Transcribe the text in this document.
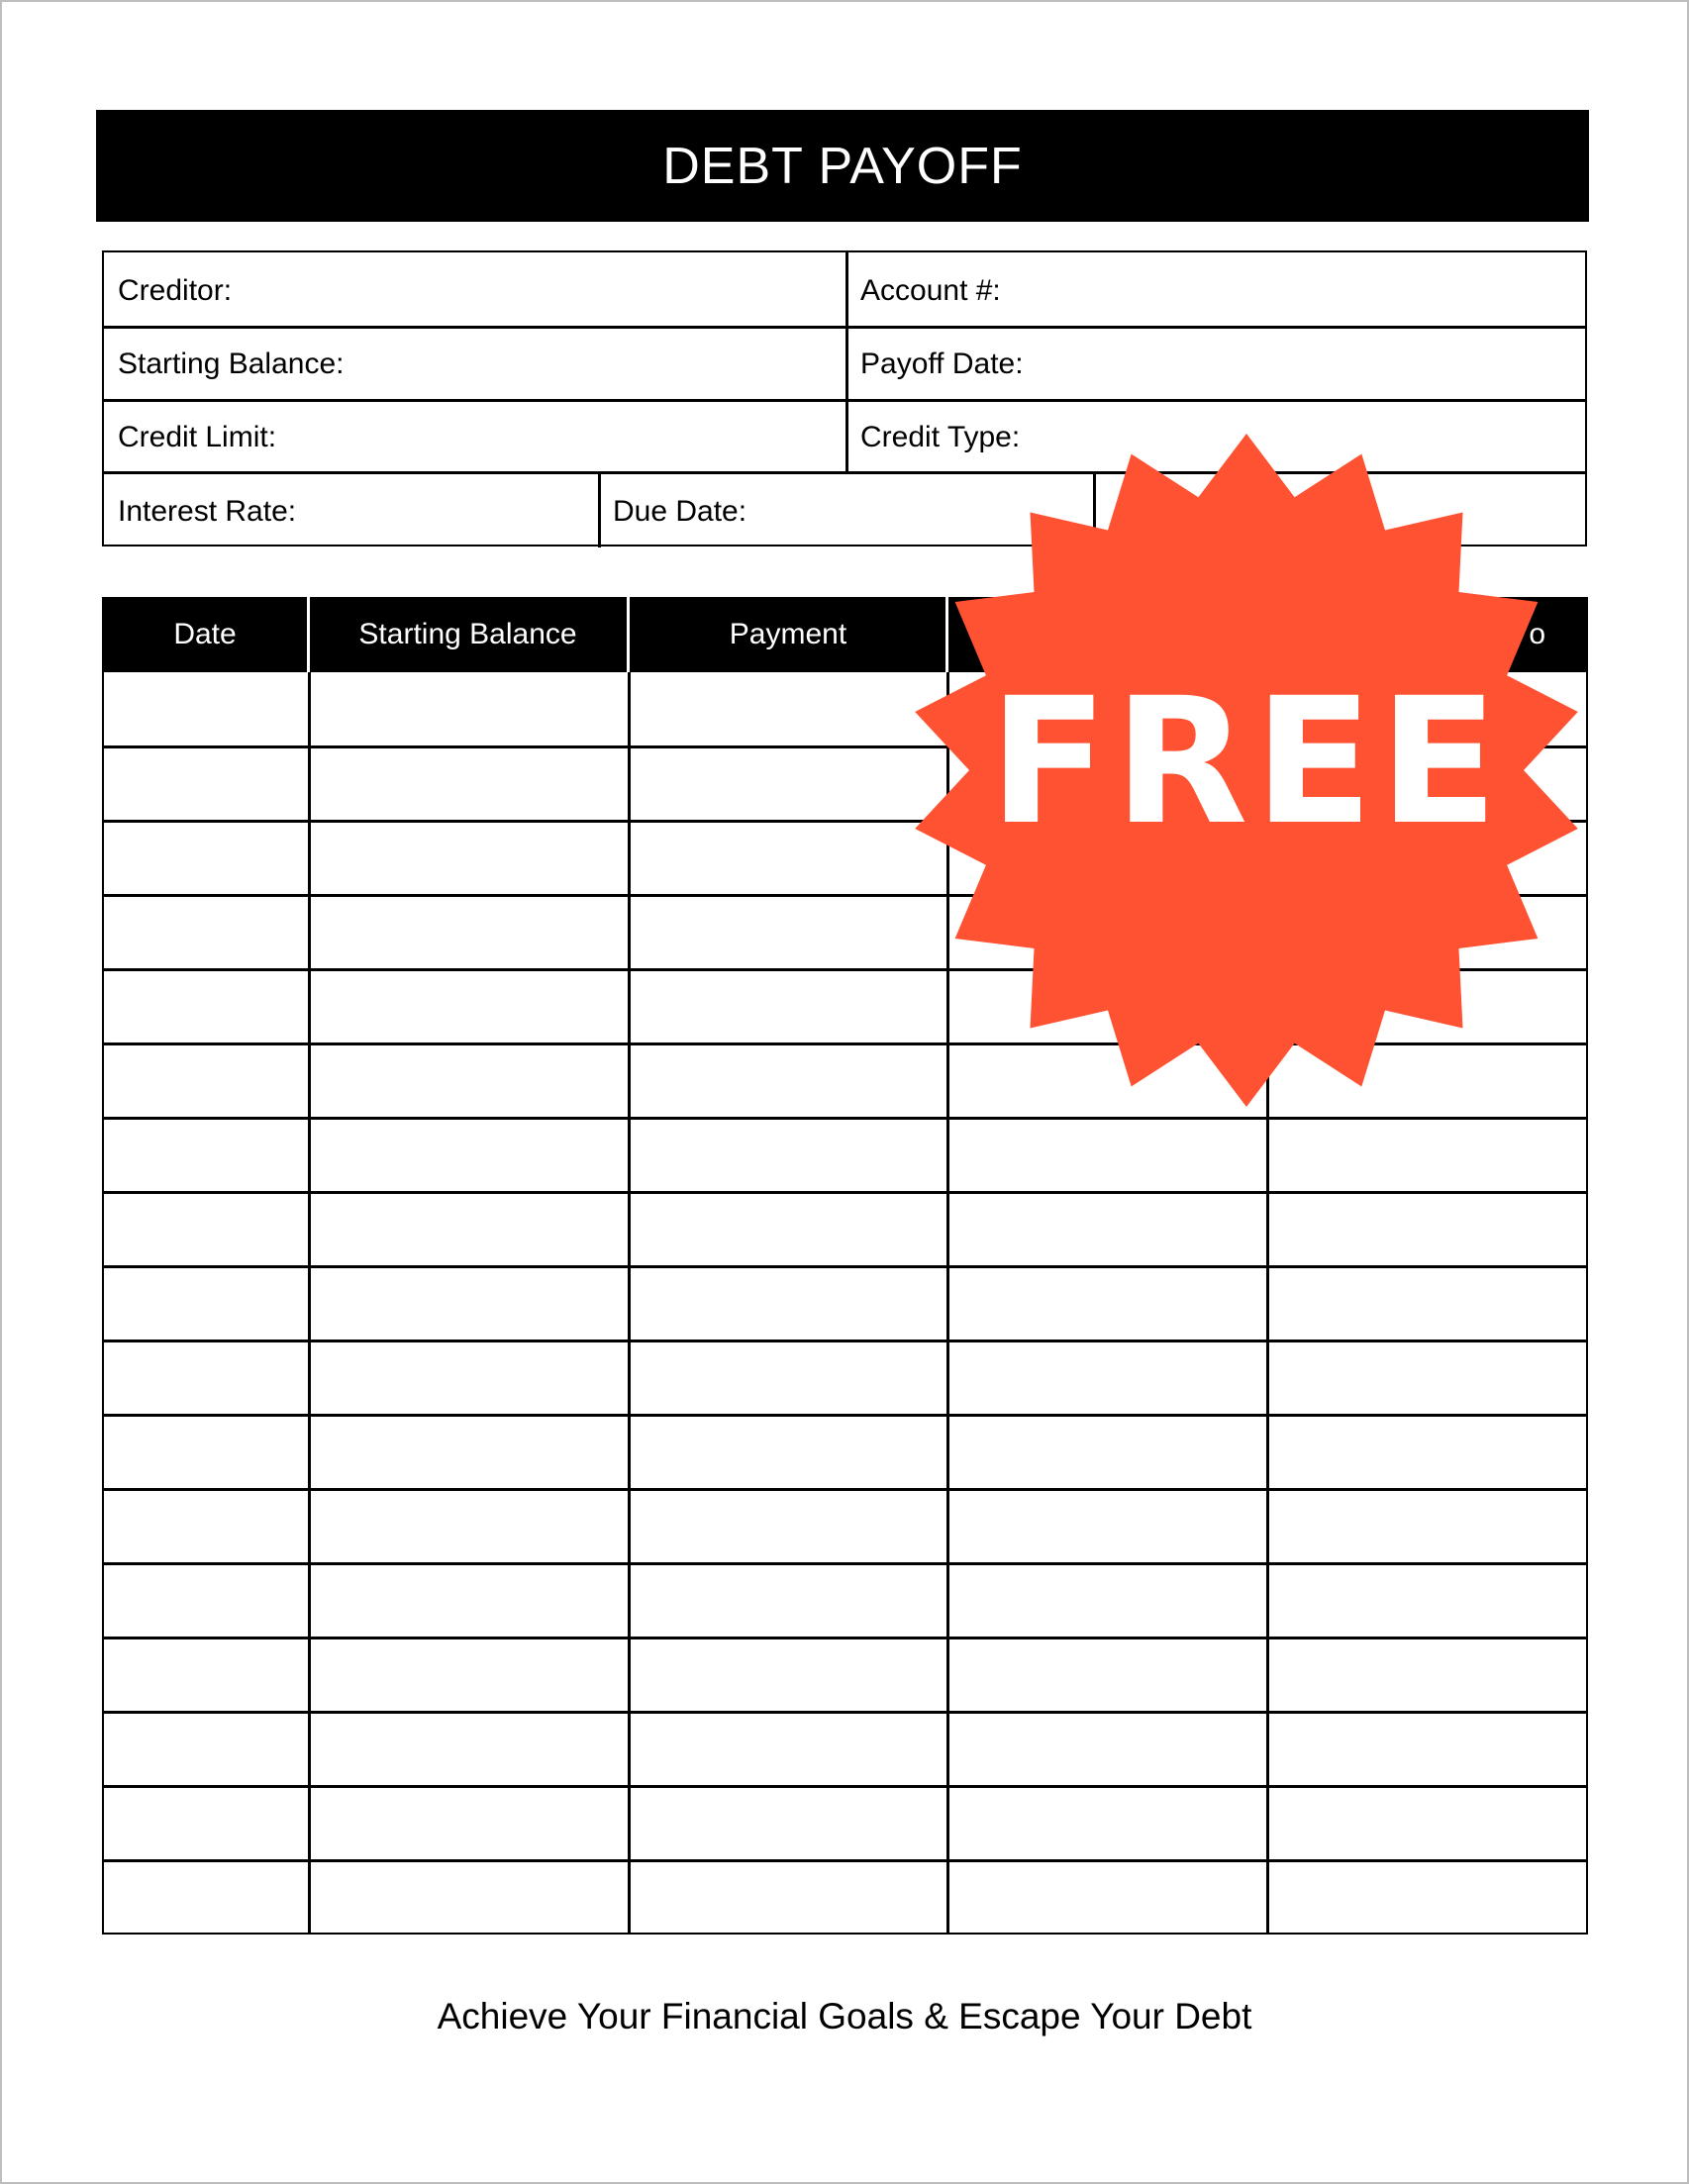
DEBT PAYOFF
Creditor:	Account #:
Starting Balance:	Payoff Date:
Credit Limit:	Credit Type:
Interest Rate:	Due Date:
Date	Starting Balance	Payment	o
Achieve Your Financial Goals & Escape Your Debt
FREE
